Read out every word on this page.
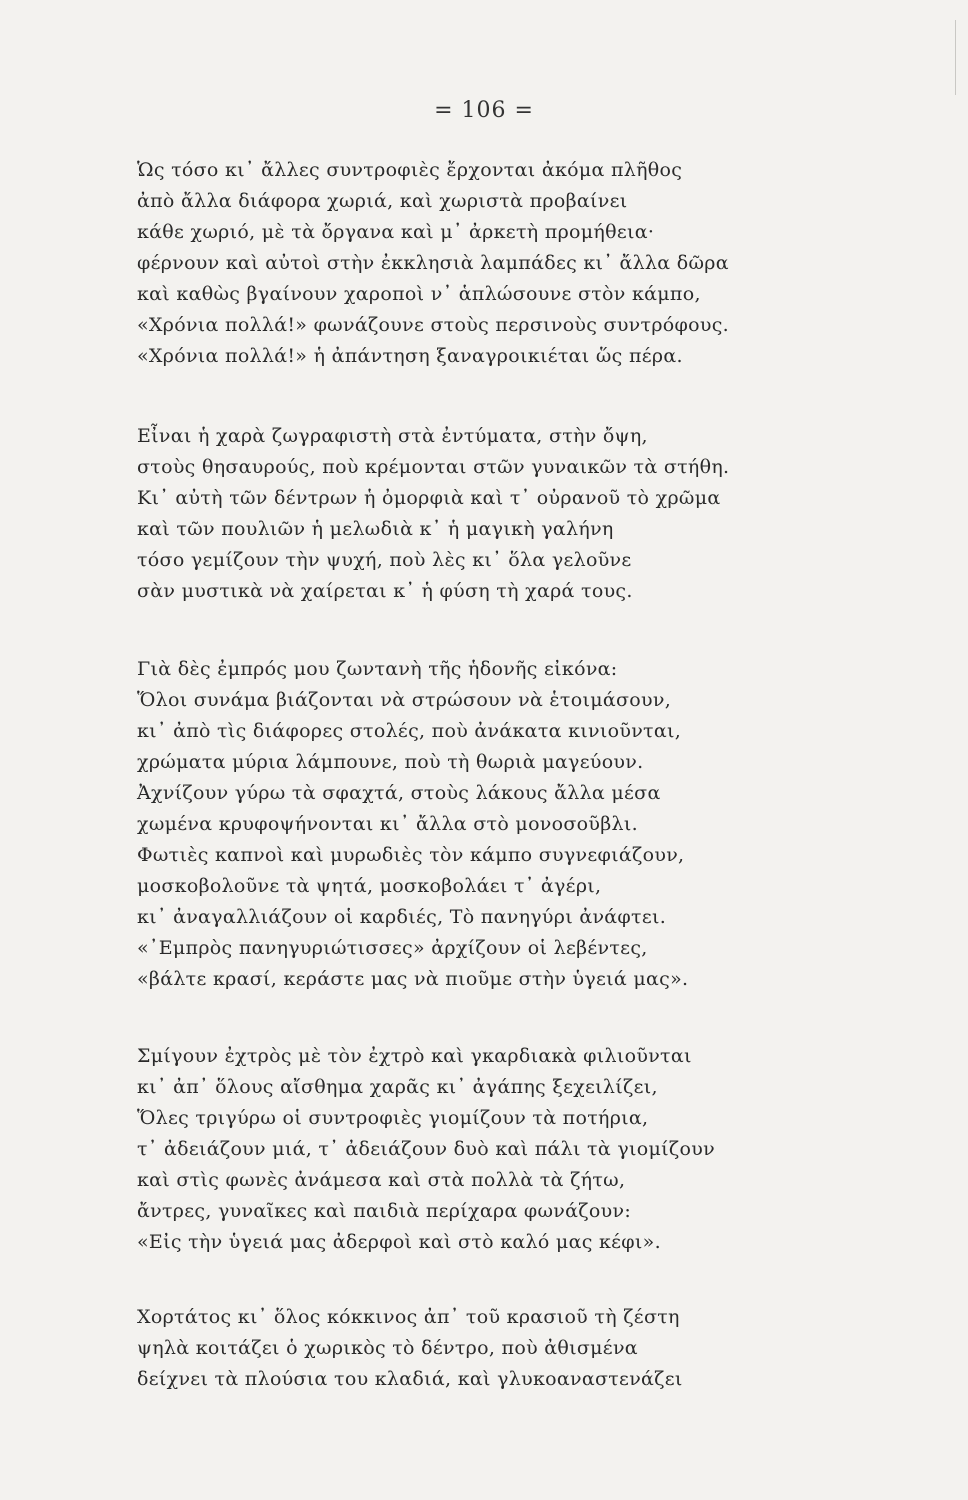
= 106 =
Ὡς τόσο κι᾿ ἄλλες συντροφιὲς ἔρχονται ἀκόμα πλῆθος
ἀπὸ ἄλλα διάφορα χωριά, καὶ χωριστὰ προβαίνει
κάθε χωριό, μὲ τὰ ὄργανα καὶ μ᾿ ἀρκετὴ προμήθεια·
φέρνουν καὶ αὐτοὶ στὴν ἐκκλησιὰ λαμπάδες κι᾿ ἄλλα δῶρα
καὶ καθὼς βγαίνουν χαροποὶ ν᾿ ἁπλώσουνε στὸν κάμπο,
«Χρόνια πολλά!» φωνάζουνε στοὺς περσινοὺς συντρόφους.
«Χρόνια πολλά!» ἡ ἀπάντηση ξαναγροικιέται ὥς πέρα.
Εἶναι ἡ χαρὰ ζωγραφιστὴ στὰ ἐντύματα, στὴν ὄψη,
στοὺς θησαυρούς, ποὺ κρέμονται στῶν γυναικῶν τὰ στήθη.
Κι᾿ αὐτὴ τῶν δέντρων ἡ ὀμορφιὰ καὶ τ᾿ οὐρανοῦ τὸ χρῶμα
καὶ τῶν πουλιῶν ἡ μελωδιὰ κ᾿ ἡ μαγικὴ γαλήνη
τόσο γεμίζουν τὴν ψυχή, ποὺ λὲς κι᾿ ὅλα γελοῦνε
σὰν μυστικὰ νὰ χαίρεται κ᾿ ἡ φύση τὴ χαρά τους.
Γιὰ δὲς ἐμπρός μου ζωντανὴ τῆς ἡδονῆς εἰκόνα:
Ὅλοι συνάμα βιάζονται νὰ στρώσουν νὰ ἑτοιμάσουν,
κι᾿ ἀπὸ τὶς διάφορες στολές, ποὺ ἀνάκατα κινιοῦνται,
χρώματα μύρια λάμπουνε, ποὺ τὴ θωριὰ μαγεύουν.
Ἀχνίζουν γύρω τὰ σφαχτά, στοὺς λάκους ἄλλα μέσα
χωμένα κρυφοψήνονται κι᾿ ἄλλα στὸ μονοσοῦβλι.
Φωτιὲς καπνοὶ καὶ μυρωδιὲς τὸν κάμπο συγνεφιάζουν,
μοσκοβολοῦνε τὰ ψητά, μοσκοβολάει τ᾿ ἀγέρι,
κι᾿ ἀναγαλλιάζουν οἱ καρδιές, Τὸ πανηγύρι ἀνάφτει.
«᾿Εμπρὸς πανηγυριώτισσες» ἀρχίζουν οἱ λεβέντες,
«βάλτε κρασί, κεράστε μας νὰ πιοῦμε στὴν ὑγειά μας».
Σμίγουν ἐχτρὸς μὲ τὸν ἐχτρὸ καὶ γκαρδιακὰ φιλιοῦνται
κι᾿ ἀπ᾿ ὅλους αἴσθημα χαρᾶς κι᾿ ἀγάπης ξεχειλίζει,
Ὅλες τριγύρω οἱ συντροφιὲς γιομίζουν τὰ ποτήρια,
τ᾿ ἀδειάζουν μιά, τ᾿ ἀδειάζουν δυὸ καὶ πάλι τὰ γιομίζουν
καὶ στὶς φωνὲς ἀνάμεσα καὶ στὰ πολλὰ τὰ ζήτω,
ἄντρες, γυναῖκες καὶ παιδιὰ περίχαρα φωνάζουν:
«Εἰς τὴν ὑγειά μας ἀδερφοὶ καὶ στὸ καλό μας κέφι».
Χορτάτος κι᾿ ὅλος κόκκινος ἀπ᾿ τοῦ κρασιοῦ τὴ ζέστη
ψηλὰ κοιτάζει ὁ χωρικὸς τὸ δέντρο, ποὺ ἀθισμένα
δείχνει τὰ πλούσια του κλαδιά, καὶ γλυκοαναστενάζει
